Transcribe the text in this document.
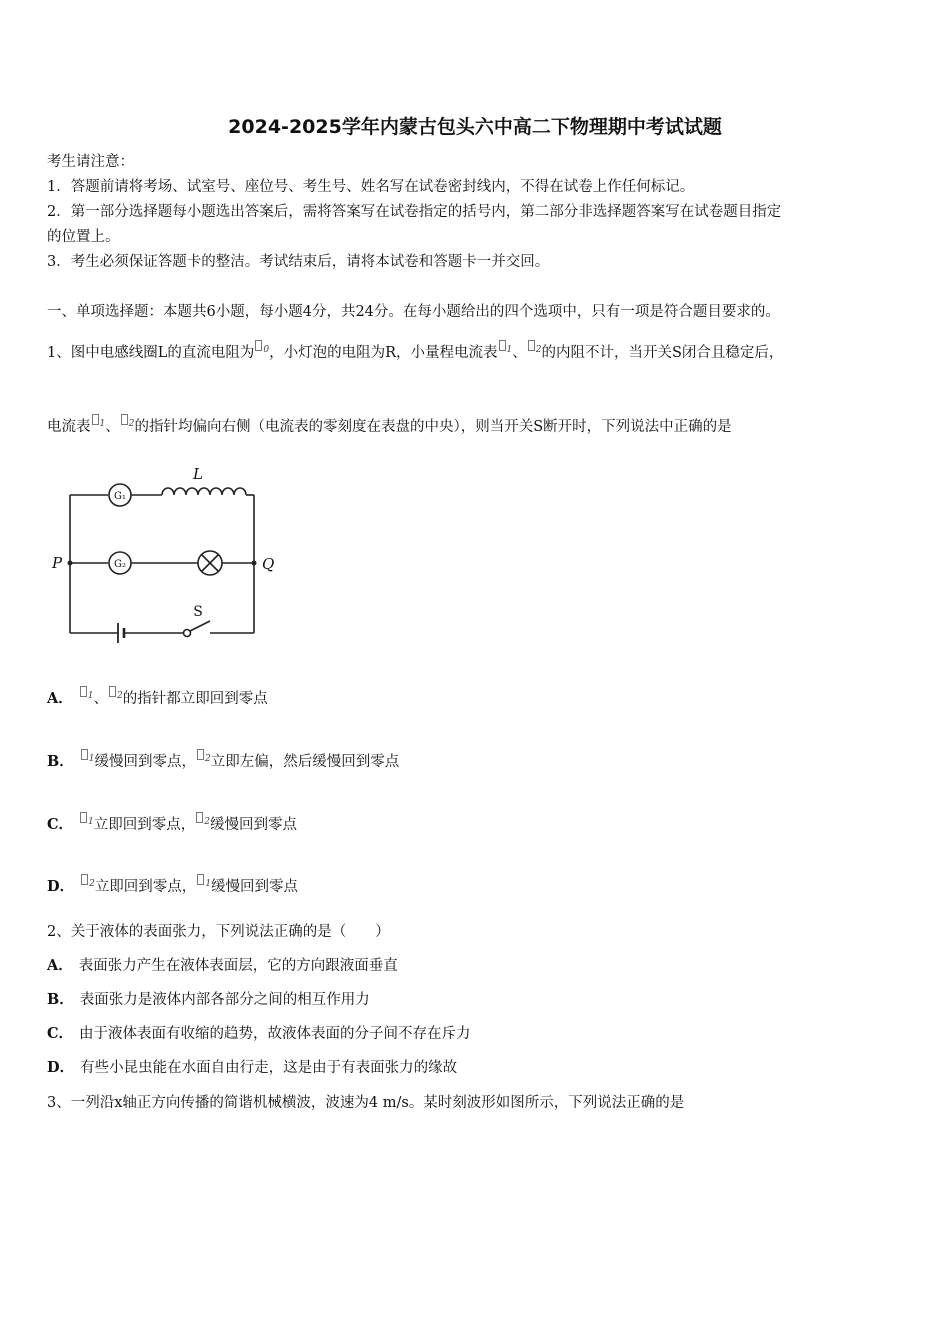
2024-2025学年内蒙古包头六中高二下物理期中考试试题
考生请注意：
1．答题前请将考场、试室号、座位号、考生号、姓名写在试卷密封线内，不得在试卷上作任何标记。
2．第一部分选择题每小题选出答案后，需将答案写在试卷指定的括号内，第二部分非选择题答案写在试卷题目指定
的位置上。
3．考生必须保证答题卡的整洁。考试结束后，请将本试卷和答题卡一并交回。
一、单项选择题：本题共6小题，每小题4分，共24分。在每小题给出的四个选项中，只有一项是符合题目要求的。
1、图中电感线圈L的直流电阻为 $^0$，小灯泡的电阻为R，小量程电流表 $^1$、 $^2$的内阻不计，当开关S闭合且稳定后，
电流表 $^1$、 $^2$的指针均偏向右侧（电流表的零刻度在表盘的中央），则当开关S断开时，下列说法中正确的是
G₁
G₂
L
P	Q
S
A． $^1$、 $^2$的指针都立即回到零点
B． $^1$缓慢回到零点， $^2$立即左偏，然后缓慢回到零点
C． $^1$立即回到零点， $^2$缓慢回到零点
D． $^2$立即回到零点， $^1$缓慢回到零点
2、关于液体的表面张力，下列说法正确的是（　　）
A． 表面张力产生在液体表面层，它的方向跟液面垂直
B． 表面张力是液体内部各部分之间的相互作用力
C． 由于液体表面有收缩的趋势，故液体表面的分子间不存在斥力
D． 有些小昆虫能在水面自由行走，这是由于有表面张力的缘故
3、一列沿x轴正方向传播的简谐机械横波，波速为4 m/s。某时刻波形如图所示，下列说法正确的是
